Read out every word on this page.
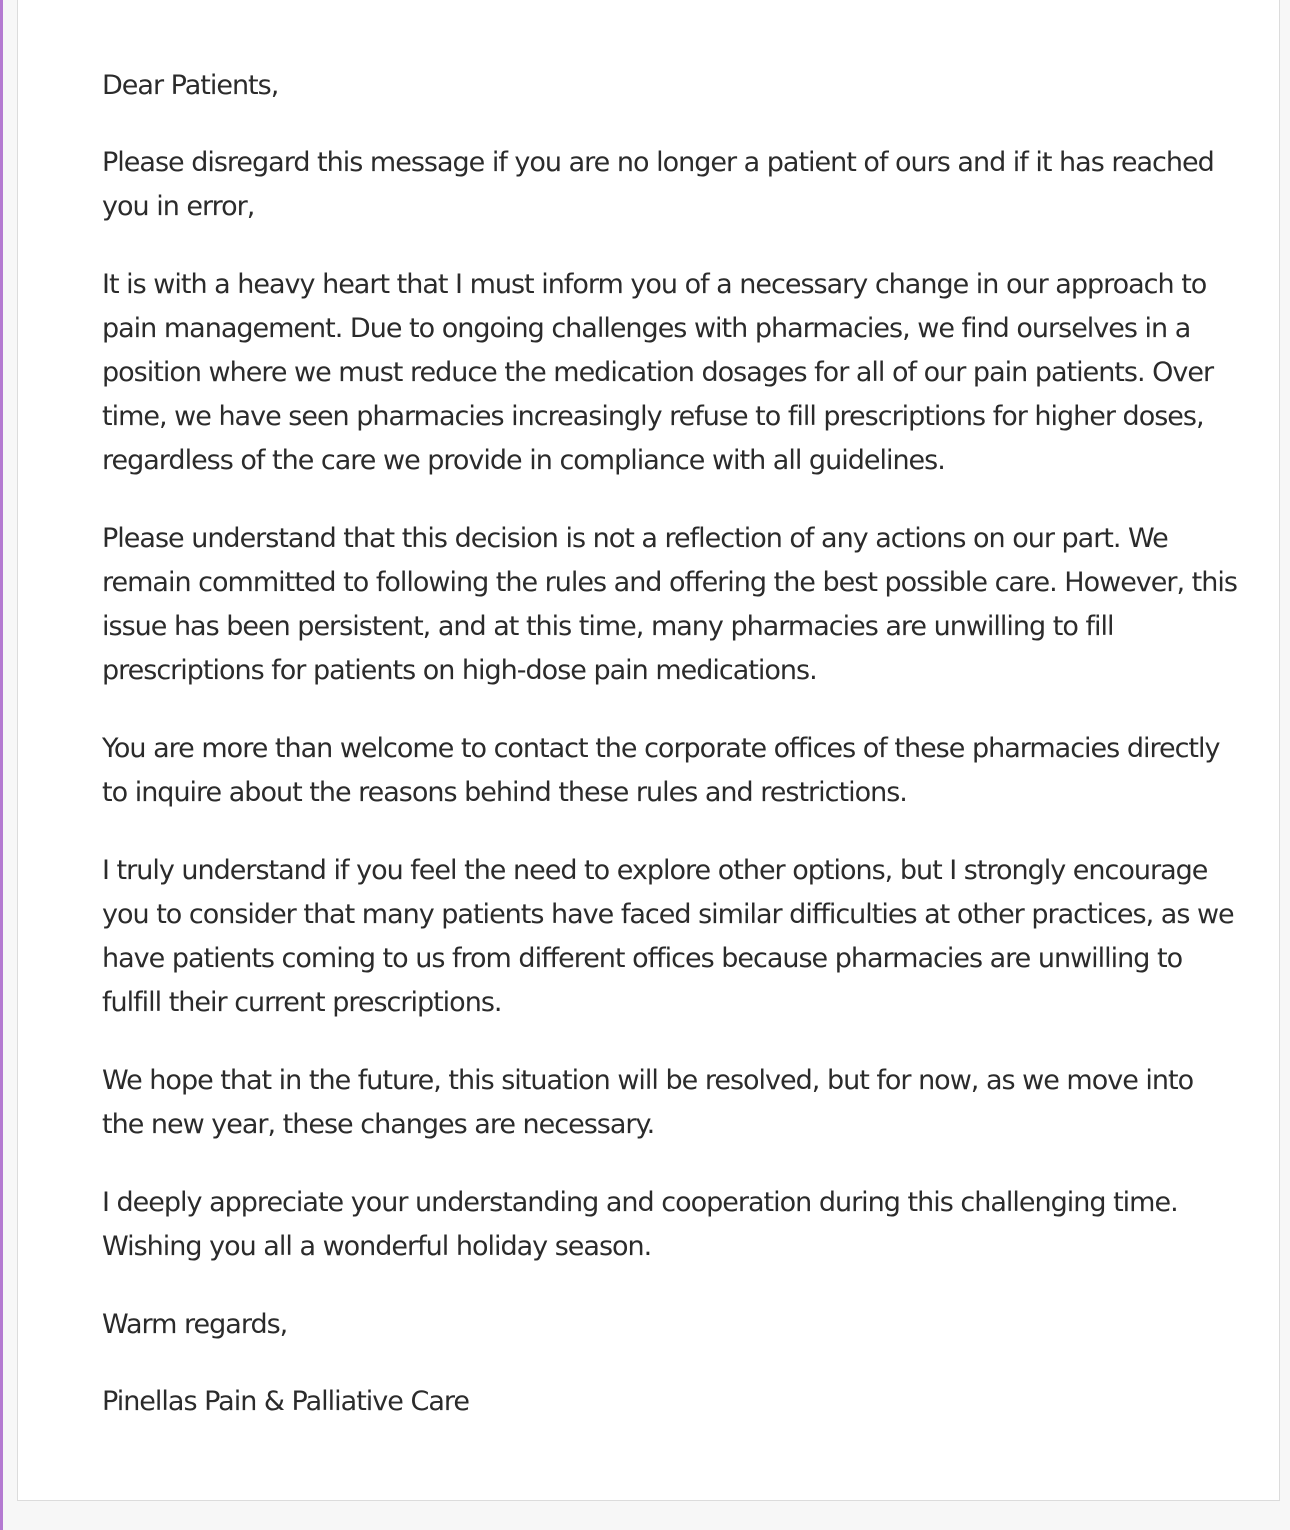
Dear Patients,

Please disregard this message if you are no longer a patient of ours and if it has reached you in error,

It is with a heavy heart that I must inform you of a necessary change in our approach to pain management. Due to ongoing challenges with pharmacies, we find ourselves in a position where we must reduce the medication dosages for all of our pain patients. Over time, we have seen pharmacies increasingly refuse to fill prescriptions for higher doses, regardless of the care we provide in compliance with all guidelines.

Please understand that this decision is not a reflection of any actions on our part. We remain committed to following the rules and offering the best possible care. However, this issue has been persistent, and at this time, many pharmacies are unwilling to fill prescriptions for patients on high-dose pain medications.

You are more than welcome to contact the corporate offices of these pharmacies directly to inquire about the reasons behind these rules and restrictions.

I truly understand if you feel the need to explore other options, but I strongly encourage you to consider that many patients have faced similar difficulties at other practices, as we have patients coming to us from different offices because pharmacies are unwilling to fulfill their current prescriptions.

We hope that in the future, this situation will be resolved, but for now, as we move into the new year, these changes are necessary.

I deeply appreciate your understanding and cooperation during this challenging time. Wishing you all a wonderful holiday season.

Warm regards,

Pinellas Pain & Palliative Care
